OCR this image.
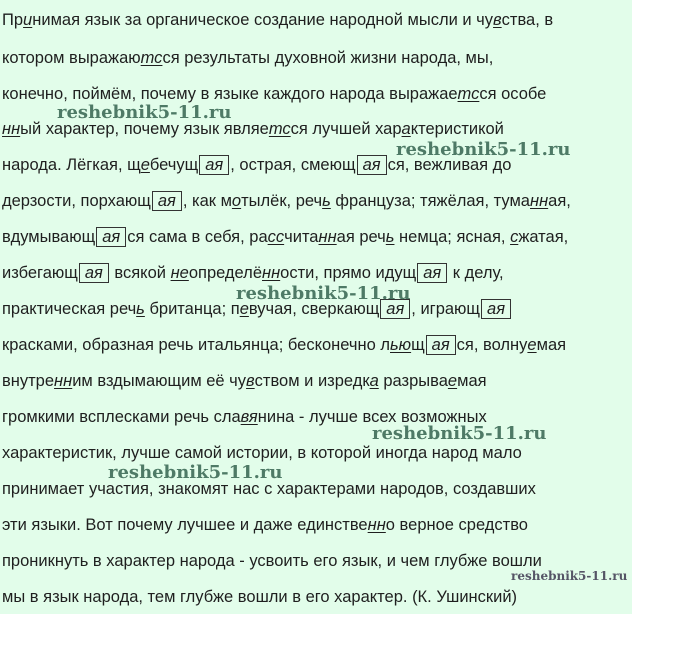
Принимая язык за органическое создание народной мысли и чувства, в
котором выражаютсся результаты духовной жизни народа, мы,
конечно, поймём, почему в языке каждого народа выражаетсся особе
нный характер, почему язык являетсся лучшей характеристикой
народа. Лёгкая, щебечущ ая , острая, смеющ ая ся, вежливая до
дерзости, порхающ ая , как мотылёк, речь француза; тяжёлая, туманная,
вдумывающ ая ся сама в себя, рассчитанная речь немца; ясная, сжатая,
избегающ ая всякой неопределённости, прямо идущ ая к делу,
практическая речь британца; певучая, сверкающ ая , играющ ая
красками, образная речь итальянца; бесконечно льющ ая ся, волнуемая
внутренним вздымающим её чувством и изредка разрываемая
громкими всплесками речь славянина - лучше всех возможных
характеристик, лучше самой истории, в которой иногда народ мало
принимает участия, знакомят нас с характерами народов, создавших
эти языки. Вот почему лучшее и даже единственно верное средство
проникнуть в характер народа - усвоить его язык, и чем глубже вошли
мы в язык народа, тем глубже вошли в его характер. (К. Ушинский)
reshebnik5-11.ru
reshebnik5-11.ru
reshebnik5-11.ru
reshebnik5-11.ru
reshebnik5-11.ru
reshebnik5-11.ru
